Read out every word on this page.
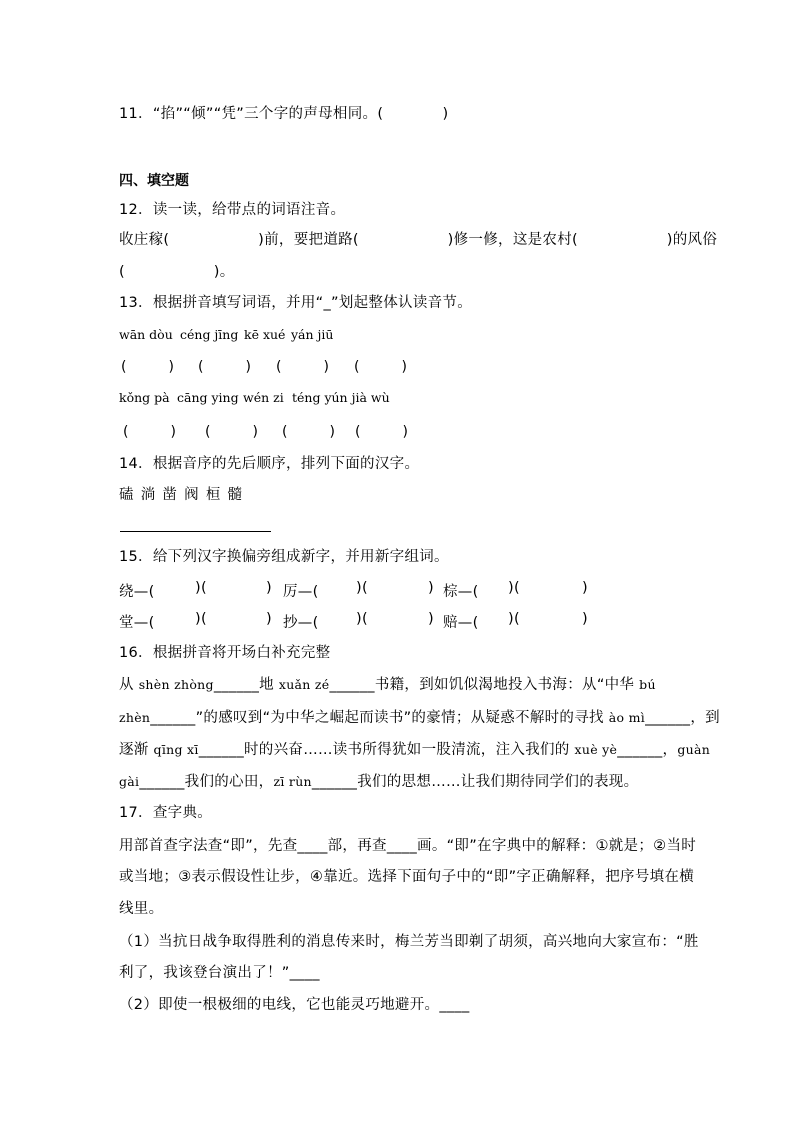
11．“掐”“倾”“凭”三个字的声母相同。(　　　　)
四、填空题
12．读一读，给带点的词语注音。
收庄稼(　　　　　　)前，要把道路(　　　　　　)修一修，这是农村(　　　　　　)的风俗
(　　　　　　)。
13．根据拼音填写词语，并用“_”划起整体认读音节。
wān dòu céng jīng kē xué yán jiū
(　　　) (　　　) (　　　) (　　　)
kǒng pà cāng ying wén zi téng yún jià wù
(　　　) (　　　) (　　　) (　　　)
14．根据音序的先后顺序，排列下面的汉字。
磕 淌 凿 阀 桓 髓
15．给下列汉字换偏旁组成新字，并用新字组词。
绕—(	)(	) 厉—(	)(	) 棕—( )(	)
堂—(	)(	) 抄—(	)(	) 赔—( )(	)
16．根据拼音将开场白补充完整
从 shèn zhòng______地 xuǎn zé______书籍，到如饥似渴地投入书海：从“中华 bú
zhèn______”的感叹到“为中华之崛起而读书”的豪情；从疑惑不解时的寻找 ào mì______，到
逐渐 qīng xī______时的兴奋……读书所得犹如一股清流，注入我们的 xuè yè______，guàn
gài______我们的心田，zī rùn______我们的思想……让我们期待同学们的表现。
17．查字典。
用部首查字法查“即”，先查____部，再查____画。“即”在字典中的解释：①就是；②当时
或当地；③表示假设性让步，④靠近。选择下面句子中的“即”字正确解释，把序号填在横
线里。
（1）当抗日战争取得胜利的消息传来时，梅兰芳当即剃了胡须，高兴地向大家宣布：“胜
利了，我该登台演出了！”____
（2）即使一根极细的电线，它也能灵巧地避开。____
